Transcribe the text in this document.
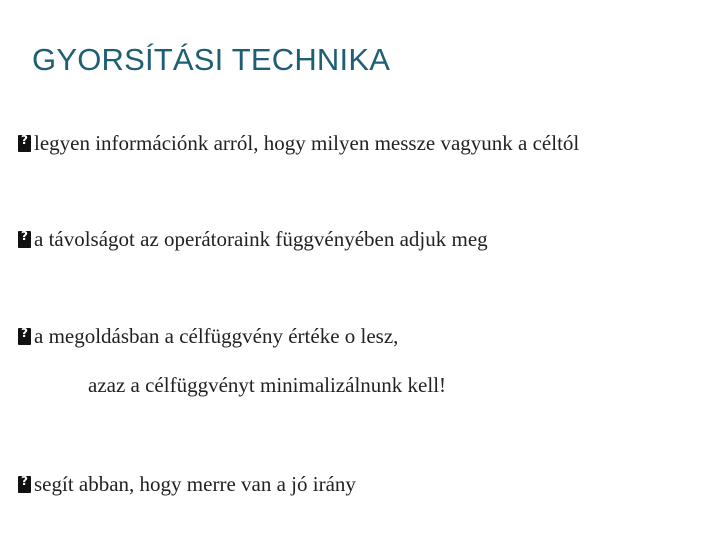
GYORSÍTÁSI TECHNIKA
?legyen információnk arról, hogy milyen messze vagyunk a céltól
?a távolságot az operátoraink függvényében adjuk meg
?a megoldásban a célfüggvény értéke o lesz,
azaz a célfüggvényt minimalizálnunk kell!
?segít abban, hogy merre van a jó irány
